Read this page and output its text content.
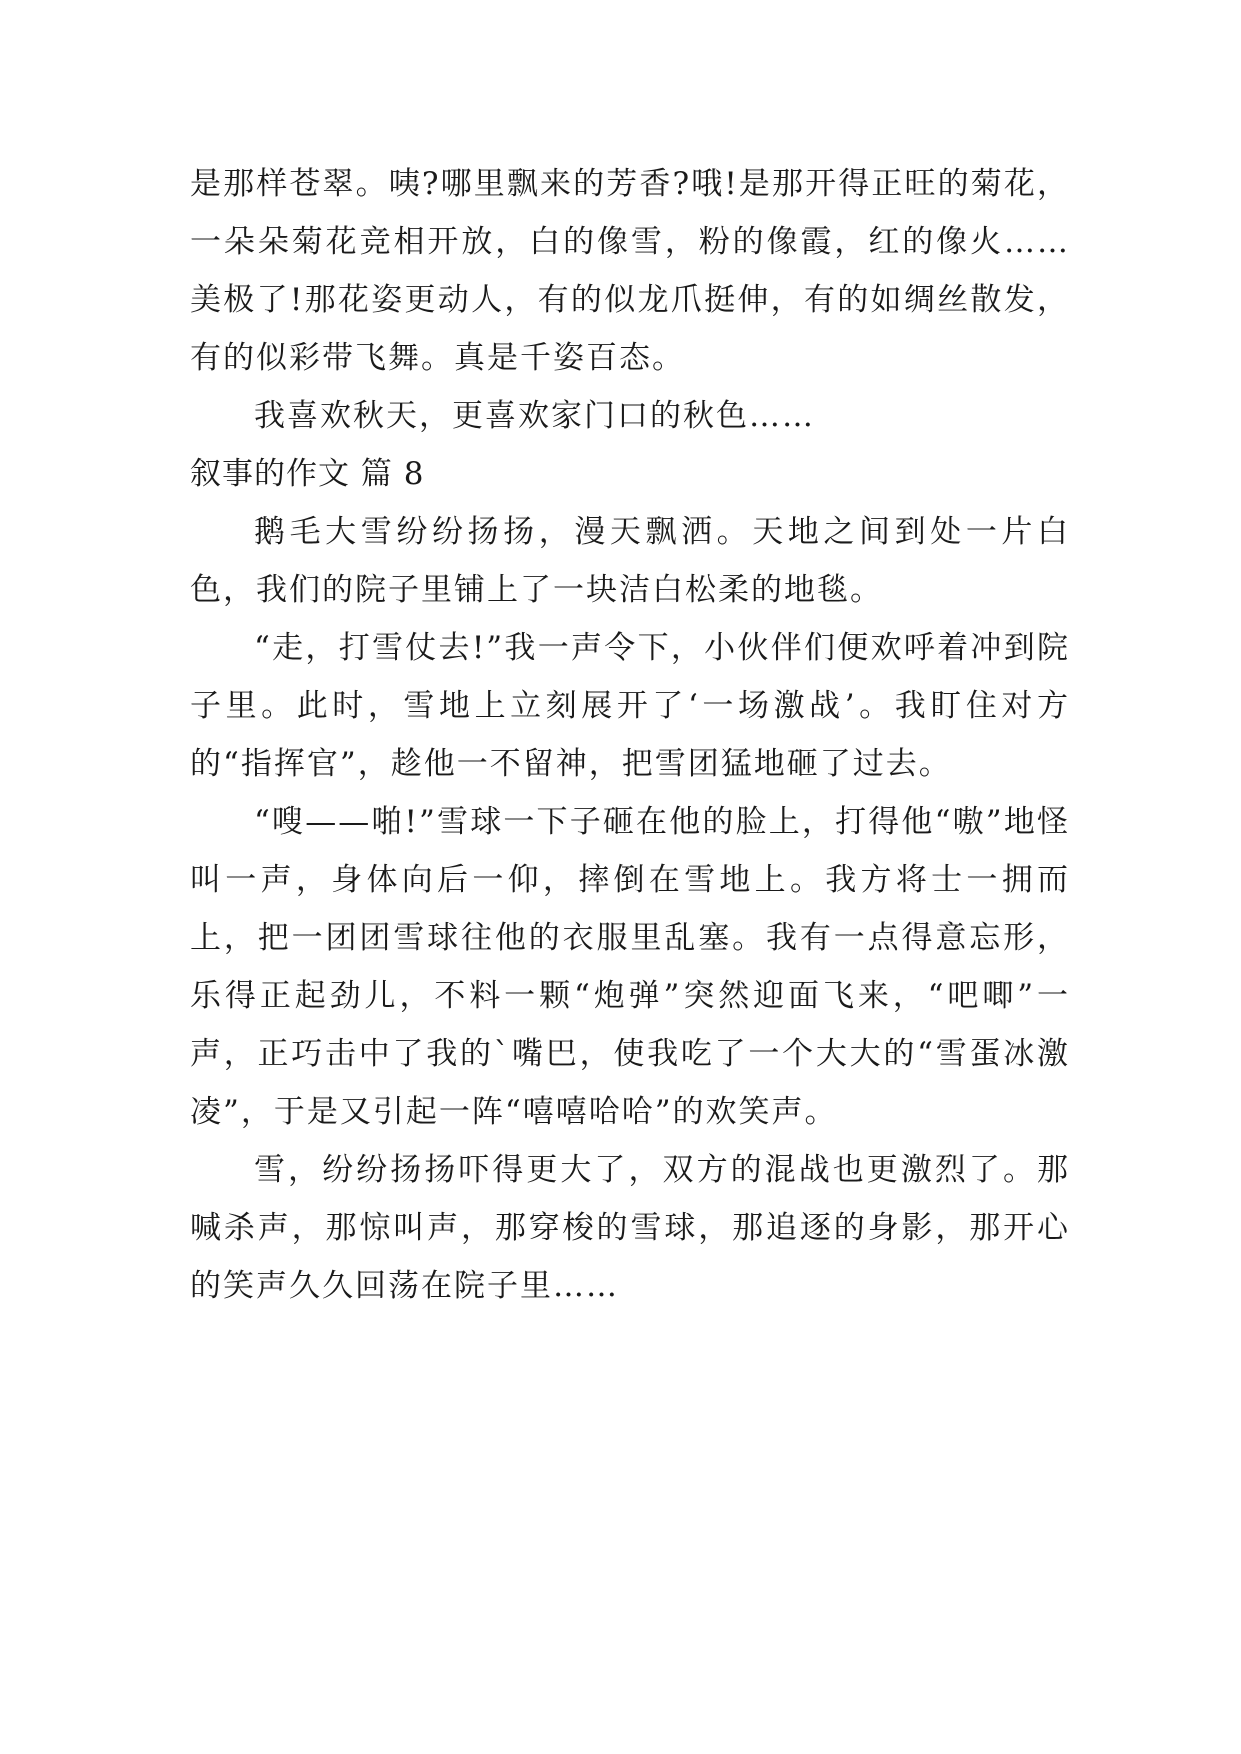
是那样苍翠。咦?哪里飘来的芳香?哦!是那开得正旺的菊花，一朵朵菊花竞相开放，白的像雪，粉的像霞，红的像火……美极了!那花姿更动人，有的似龙爪挺伸，有的如绸丝散发，有的似彩带飞舞。真是千姿百态。

我喜欢秋天，更喜欢家门口的秋色……

叙事的作文 篇 8

鹅毛大雪纷纷扬扬，漫天飘洒。天地之间到处一片白色，我们的院子里铺上了一块洁白松柔的地毯。

“走，打雪仗去!”我一声令下，小伙伴们便欢呼着冲到院子里。此时，雪地上立刻展开了‘一场激战’。我盯住对方的“指挥官”，趁他一不留神，把雪团猛地砸了过去。

“嗖——啪!”雪球一下子砸在他的脸上，打得他“嗷”地怪叫一声，身体向后一仰，摔倒在雪地上。我方将士一拥而上，把一团团雪球往他的衣服里乱塞。我有一点得意忘形，乐得正起劲儿，不料一颗“炮弹”突然迎面飞来，“吧唧”一声，正巧击中了我的`嘴巴，使我吃了一个大大的“雪蛋冰激凌”，于是又引起一阵“嘻嘻哈哈”的欢笑声。

雪，纷纷扬扬吓得更大了，双方的混战也更激烈了。那喊杀声，那惊叫声，那穿梭的雪球，那追逐的身影，那开心的笑声久久回荡在院子里……
